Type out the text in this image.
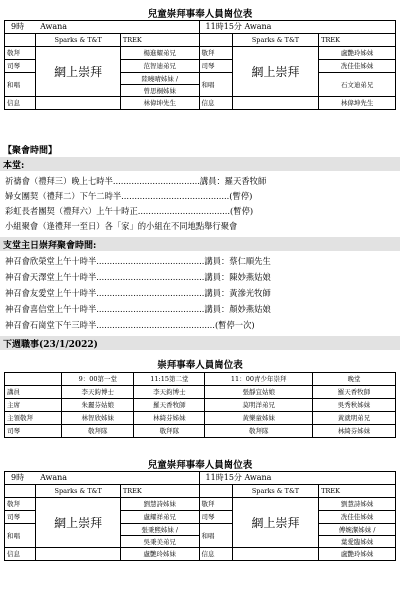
兒童崇拜事奉人員崗位表
9時　　Awana			11時15分 Awana		
	Sparks & T&T	TREK		Sparks & T&T	TREK
敬拜	網上崇拜	楊進耀弟兄	敬拜	網上崇拜	盧艷玲姊妹
司琴		范智迪弟兄	司琴		冼佳佳姊妹
和唱		陸曉晴姊妹 /	和唱		石文迪弟兄
		曾思桐姊妹			
信息		林偉坤先生	信息		林偉坤先生
【聚會時間】
本堂:
祈禱會（禮拜三）晚上七時半.................................講員：羅天香牧師
婦女團契（禮拜二）下午二時半.........................................(暫停)
彩虹長者團契（禮拜六）上午十時正...................................(暫停)
小組聚會（逢禮拜一至日）各「家」的小組在不同地點舉行聚會
支堂主日崇拜聚會時間:
神召會欣榮堂上午十時半.........................................講員：蔡仁順先生
神召會天澤堂上午十時半.........................................講員：陳妙燕姑娘
神召會友愛堂上午十時半.........................................講員：黃滲光牧師
神召會喜信堂上午十時半.........................................講員：顏妙燕姑娘
神召會石崗堂下午三時半.............................................(暫停一次)
下週職事(23/1/2022)
崇拜事奉人員崗位表
	9：00第一堂	11:15第二堂	11：00青少年崇拜	晚堂
講員	李天鈞博士	李天鈞博士	張靜宜姑娘	羅天香牧師
主席	朱麗芬姑娘	羅天香牧師	莫明洋弟兄	吳秀秋姊妹
主領敬拜	林智欣姊妹	林綺芬姊妹	黃樂童姊妹	黃就明弟兄
司琴	敬拜隊	敬拜隊	敬拜隊	林綺芬姊妹
兒童崇拜事奉人員崗位表
9時　　Awana			11時15分 Awana		
	Sparks & T&T	TREK		Sparks & T&T	TREK
敬拜	網上崇拜	劉慧詩姊妹	敬拜	網上崇拜	劉慧詩姊妹
司琴		盧耀祥弟兄	司琴		冼佳佳姊妹
和唱		張秉熙姊妹 /	和唱		傅婉潔姊妹 /
		吳秉美弟兄			葉愛臨姊妹
信息		盧艷玲姊妹	信息		盧艷玲姊妹
